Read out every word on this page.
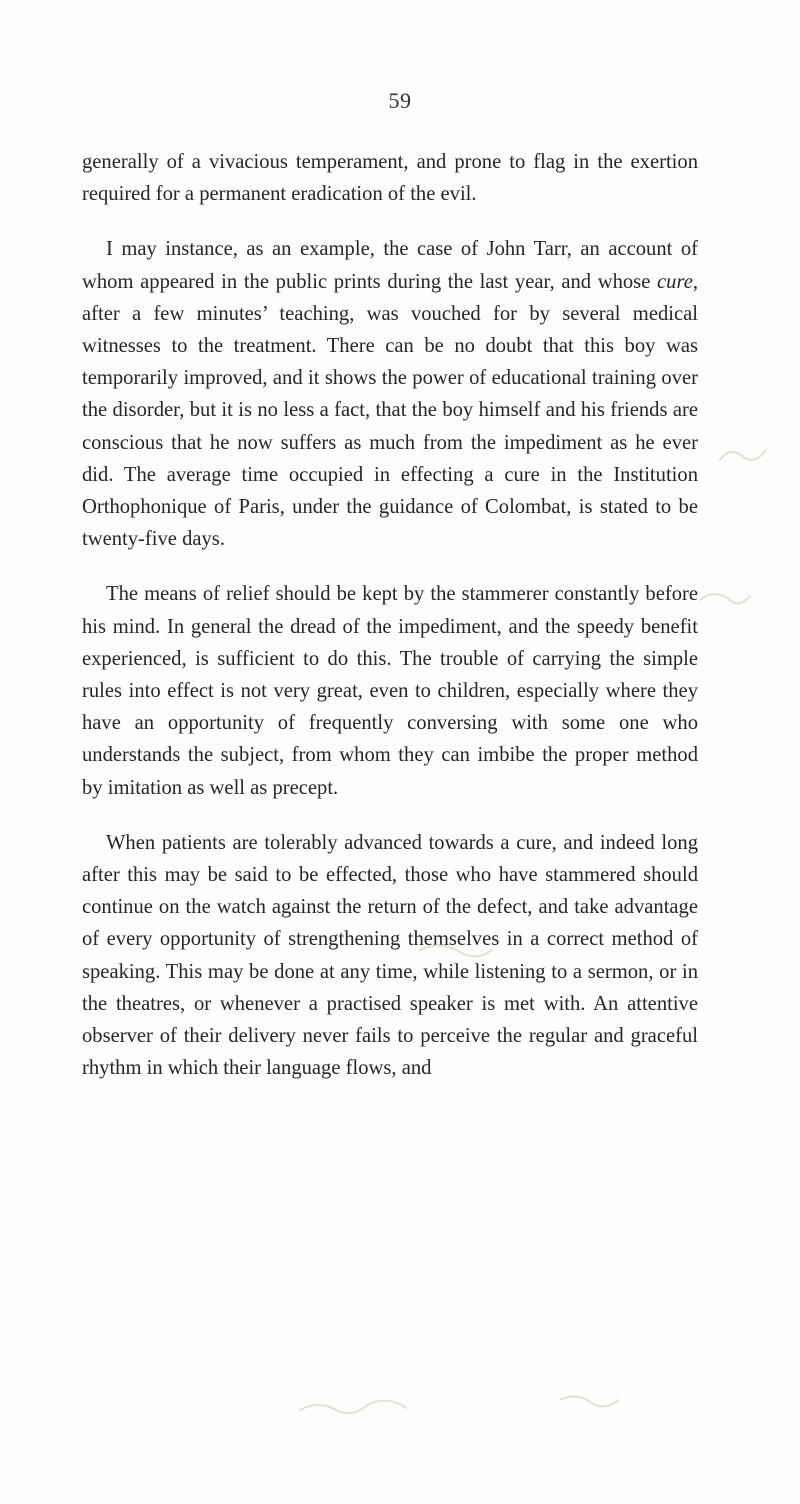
59

generally of a vivacious temperament, and prone to flag in the exertion required for a permanent eradication of the evil.

I may instance, as an example, the case of John Tarr, an account of whom appeared in the public prints during the last year, and whose cure, after a few minutes’ teaching, was vouched for by several medical witnesses to the treatment. There can be no doubt that this boy was temporarily improved, and it shows the power of educational training over the disorder, but it is no less a fact, that the boy himself and his friends are conscious that he now suffers as much from the impediment as he ever did. The average time occupied in effecting a cure in the Institution Orthophonique of Paris, under the guidance of Colombat, is stated to be twenty-five days.

The means of relief should be kept by the stammerer constantly before his mind. In general the dread of the impediment, and the speedy benefit experienced, is sufficient to do this. The trouble of carrying the simple rules into effect is not very great, even to children, especially where they have an opportunity of frequently conversing with some one who understands the subject, from whom they can imbibe the proper method by imitation as well as precept.

When patients are tolerably advanced towards a cure, and indeed long after this may be said to be effected, those who have stammered should continue on the watch against the return of the defect, and take advantage of every opportunity of strengthening themselves in a correct method of speaking. This may be done at any time, while listening to a sermon, or in the theatres, or whenever a practised speaker is met with. An attentive observer of their delivery never fails to perceive the regular and graceful rhythm in which their language flows, and
